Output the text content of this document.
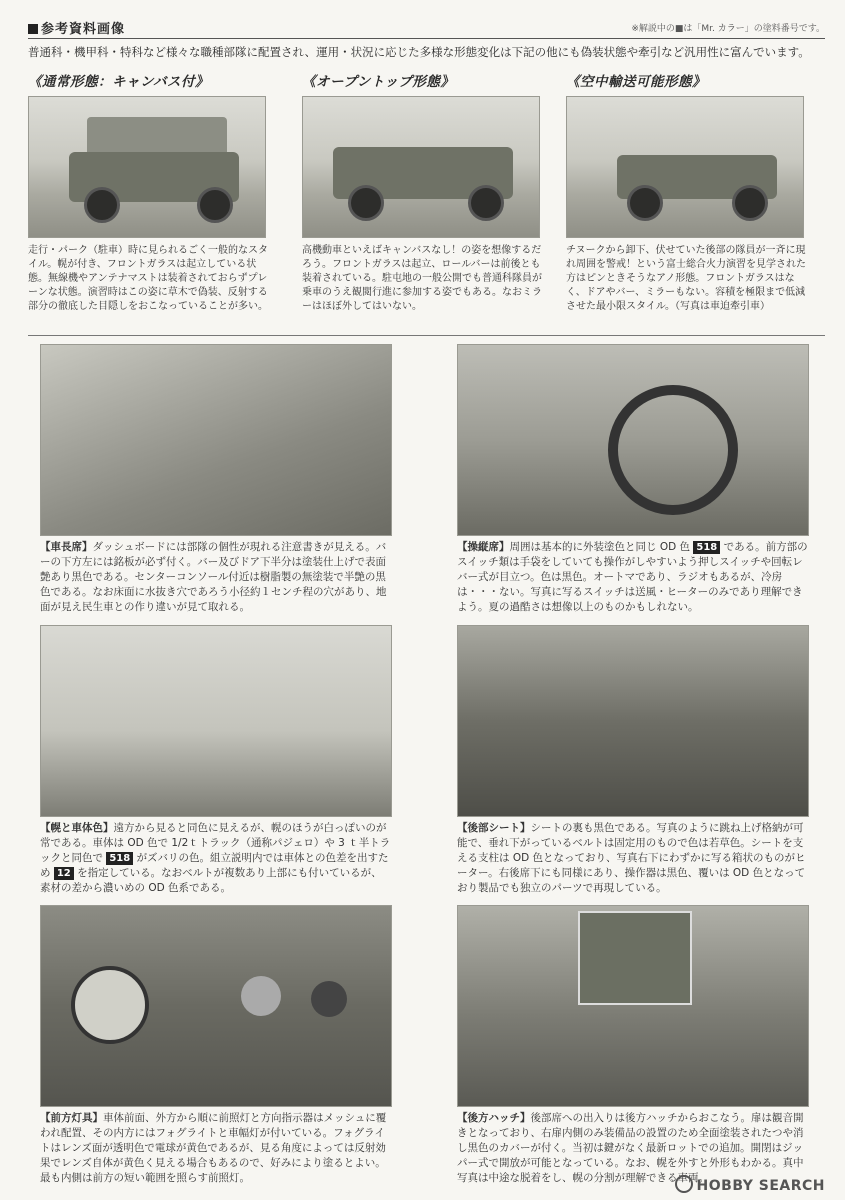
参考資料画像	※解説中の■は「Mr. カラー」の塗料番号です。
普通科・機甲科・特科など様々な職種部隊に配置され、運用・状況に応じた多様な形態変化は下記の他にも偽装状態や牽引など汎用性に富んでいます。
《通常形態：キャンバス付》
走行・パーク（駐車）時に見られるごく一般的なスタイル。幌が付き、フロントガラスは起立している状態。無線機やアンテナマストは装着されておらずプレーンな状態。演習時はこの姿に草木で偽装、反射する部分の徹底した目隠しをおこなっていることが多い。
《オープントップ形態》
高機動車といえばキャンバスなし！の姿を想像するだろう。フロントガラスは起立、ロールバーは前後とも装着されている。駐屯地の一般公開でも普通科隊員が乗車のうえ観閲行進に参加する姿でもある。なおミラーはほぼ外してはいない。
《空中輸送可能形態》
チヌークから卸下、伏せていた後部の隊員が一斉に現れ周囲を警戒！という富士総合火力演習を見学された方はピンときそうなアノ形態。フロントガラスはなく、ドアやバー、ミラーもない。容積を極限まで低減させた最小限スタイル。（写真は車迫牽引車）
【車長席】ダッシュボードには部隊の個性が現れる注意書きが見える。バーの下方左には銘板が必ず付く。バー及びドア下半分は塗装仕上げで表面艶あり黒色である。センターコンソール付近は樹脂製の無塗装で半艶の黒色である。なお床面に水抜き穴であろう小径約１センチ程の穴があり、地面が見え民生車との作り違いが見て取れる。
【操縦席】周囲は基本的に外装塗色と同じ OD 色 518 である。前方部のスイッチ類は手袋をしていても操作がしやすいよう押しスイッチや回転レバー式が目立つ。色は黒色。オートマであり、ラジオもあるが、冷房は・・・ない。写真に写るスイッチは送風・ヒーターのみであり理解できよう。夏の過酷さは想像以上のものかもしれない。
【幌と車体色】遠方から見ると同色に見えるが、幌のほうが白っぽいのが常である。車体は OD 色で 1/2ｔトラック（通称パジェロ）や 3 ｔ半トラックと同色で 518 がズバリの色。組立説明内では車体との色差を出すため 12 を指定している。なおベルトが複数あり上部にも付いているが、素材の差から濃いめの OD 色系である。
【後部シート】シートの裏も黒色である。写真のように跳ね上げ格納が可能で、垂れ下がっているベルトは固定用のもので色は若草色。シートを支える支柱は OD 色となっており、写真右下にわずかに写る箱状のものがヒーター。右後席下にも同様にあり、操作器は黒色、覆いは OD 色となっており製品でも独立のパーツで再現している。
【前方灯具】車体前面、外方から順に前照灯と方向指示器はメッシュに覆われ配置、その内方にはフォグライトと車幅灯が付いている。フォグライトはレンズ面が透明色で電球が黄色であるが、見る角度によっては反射効果でレンズ自体が黄色く見える場合もあるので、好みにより塗るとよい。最も内側は前方の短い範囲を照らす前照灯。
【後方ハッチ】後部席への出入りは後方ハッチからおこなう。扉は観音開きとなっており、右扉内側のみ装備品の設置のため全面塗装されたつや消し黒色のカバーが付く。当初は鍵がなく最新ロットでの追加。開閉はジッパー式で開放が可能となっている。なお、幌を外すと外形もわかる。真中写真は中途な脱着をし、幌の分割が理解できる車両。
HOBBY SEARCH
